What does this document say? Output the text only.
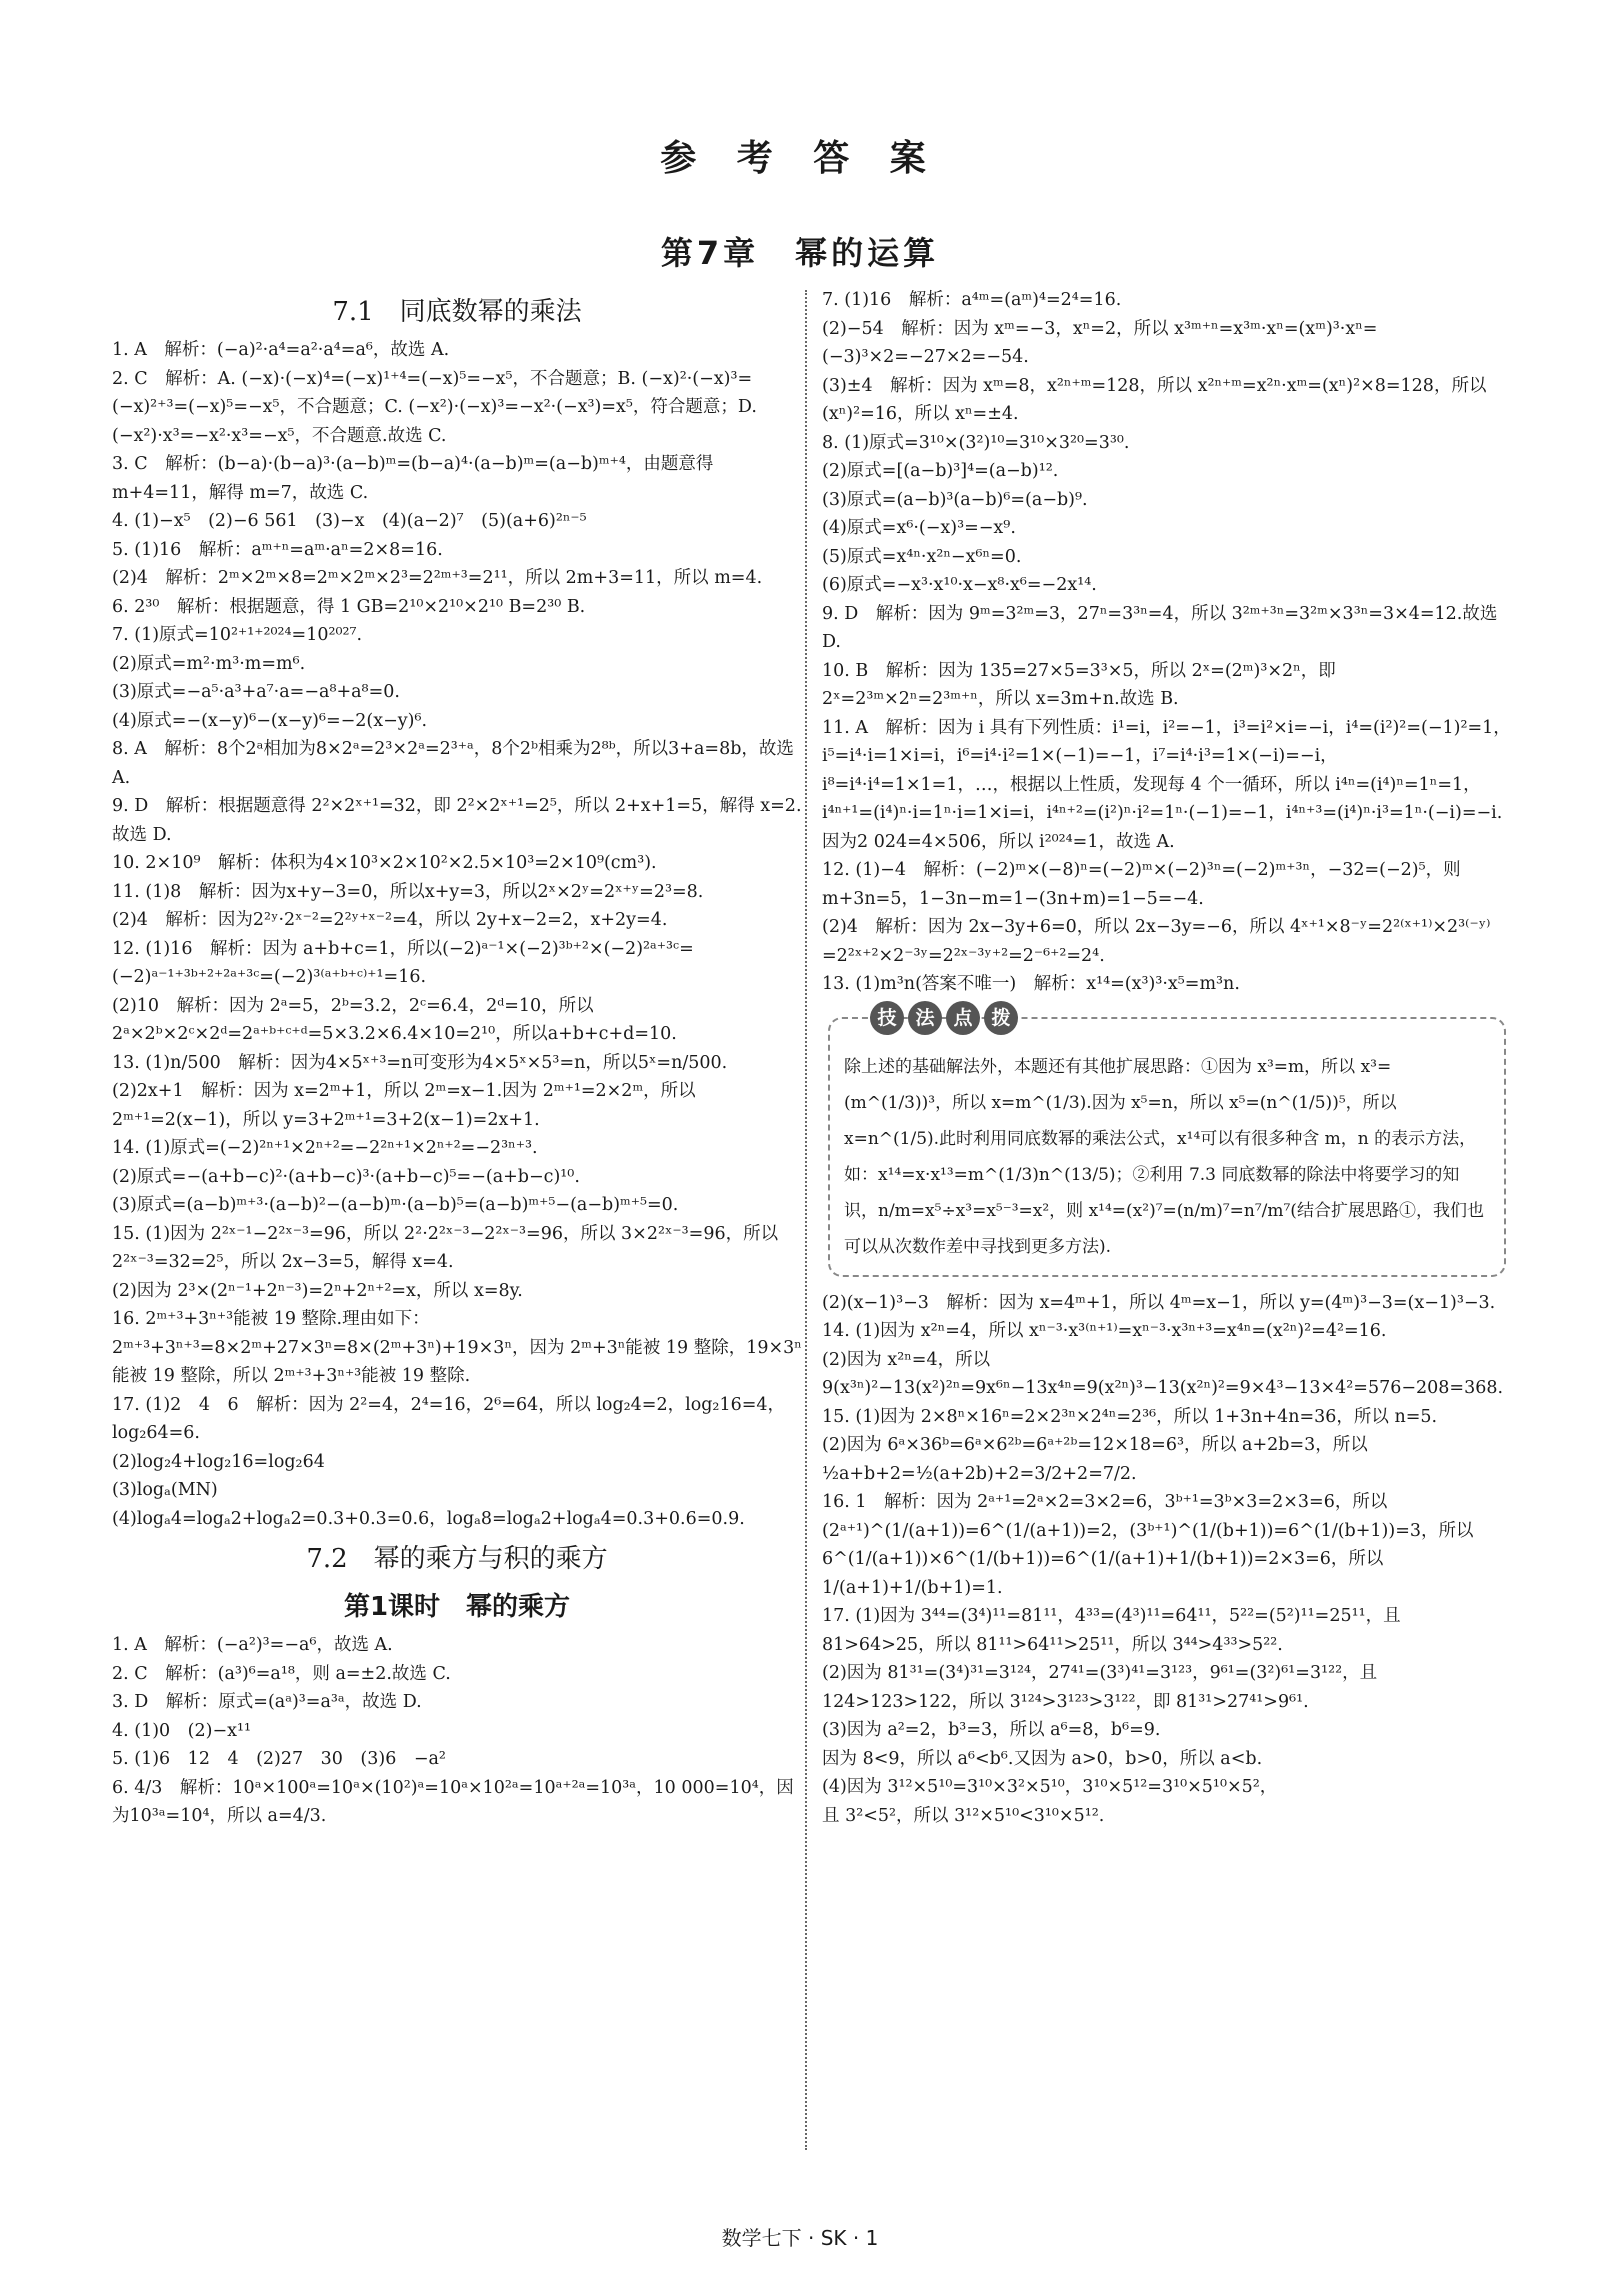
参 考 答 案
第7章　幂的运算
7.1　同底数幂的乘法

1. A　解析：(−a)²·a⁴=a²·a⁴=a⁶，故选 A.

2. C　解析：A. (−x)·(−x)⁴=(−x)¹⁺⁴=(−x)⁵=−x⁵，不合题意；B. (−x)²·(−x)³=(−x)²⁺³=(−x)⁵=−x⁵，不合题意；C. (−x²)·(−x)³=−x²·(−x³)=x⁵，符合题意；D. (−x²)·x³=−x²·x³=−x⁵，不合题意.故选 C.

3. C　解析：(b−a)·(b−a)³·(a−b)ᵐ=(b−a)⁴·(a−b)ᵐ=(a−b)ᵐ⁺⁴，由题意得 m+4=11，解得 m=7，故选 C.

4. (1)−x⁵　(2)−6 561　(3)−x　(4)(a−2)⁷　(5)(a+6)²ⁿ⁻⁵

5. (1)16　解析：aᵐ⁺ⁿ=aᵐ·aⁿ=2×8=16.

(2)4　解析：2ᵐ×2ᵐ×8=2ᵐ×2ᵐ×2³=2²ᵐ⁺³=2¹¹，所以 2m+3=11，所以 m=4.

6. 2³⁰　解析：根据题意，得 1 GB=2¹⁰×2¹⁰×2¹⁰ B=2³⁰ B.

7. (1)原式=10²⁺¹⁺²⁰²⁴=10²⁰²⁷.

(2)原式=m²·m³·m=m⁶.

(3)原式=−a⁵·a³+a⁷·a=−a⁸+a⁸=0.

(4)原式=−(x−y)⁶−(x−y)⁶=−2(x−y)⁶.

8. A　解析：8个2ᵃ相加为8×2ᵃ=2³×2ᵃ=2³⁺ᵃ，8个2ᵇ相乘为2⁸ᵇ，所以3+a=8b，故选 A.

9. D　解析：根据题意得 2²×2ˣ⁺¹=32，即 2²×2ˣ⁺¹=2⁵，所以 2+x+1=5，解得 x=2.故选 D.

10. 2×10⁹　解析：体积为4×10³×2×10²×2.5×10³=2×10⁹(cm³).

11. (1)8　解析：因为x+y−3=0，所以x+y=3，所以2ˣ×2ʸ=2ˣ⁺ʸ=2³=8.

(2)4　解析：因为2²ʸ·2ˣ⁻²=2²ʸ⁺ˣ⁻²=4，所以 2y+x−2=2，x+2y=4.

12. (1)16　解析：因为 a+b+c=1，所以(−2)ᵃ⁻¹×(−2)³ᵇ⁺²×(−2)²ᵃ⁺³ᶜ=(−2)ᵃ⁻¹⁺³ᵇ⁺²⁺²ᵃ⁺³ᶜ=(−2)³⁽ᵃ⁺ᵇ⁺ᶜ⁾⁺¹=16.

(2)10　解析：因为 2ᵃ=5，2ᵇ=3.2，2ᶜ=6.4，2ᵈ=10，所以 2ᵃ×2ᵇ×2ᶜ×2ᵈ=2ᵃ⁺ᵇ⁺ᶜ⁺ᵈ=5×3.2×6.4×10=2¹⁰，所以a+b+c+d=10.

13. (1)n/500　解析：因为4×5ˣ⁺³=n可变形为4×5ˣ×5³=n，所以5ˣ=n/500.

(2)2x+1　解析：因为 x=2ᵐ+1，所以 2ᵐ=x−1.因为 2ᵐ⁺¹=2×2ᵐ，所以 2ᵐ⁺¹=2(x−1)，所以 y=3+2ᵐ⁺¹=3+2(x−1)=2x+1.

14. (1)原式=(−2)²ⁿ⁺¹×2ⁿ⁺²=−2²ⁿ⁺¹×2ⁿ⁺²=−2³ⁿ⁺³.

(2)原式=−(a+b−c)²·(a+b−c)³·(a+b−c)⁵=−(a+b−c)¹⁰.

(3)原式=(a−b)ᵐ⁺³·(a−b)²−(a−b)ᵐ·(a−b)⁵=(a−b)ᵐ⁺⁵−(a−b)ᵐ⁺⁵=0.

15. (1)因为 2²ˣ⁻¹−2²ˣ⁻³=96，所以 2²·2²ˣ⁻³−2²ˣ⁻³=96，所以 3×2²ˣ⁻³=96，所以 2²ˣ⁻³=32=2⁵，所以 2x−3=5，解得 x=4.

(2)因为 2³×(2ⁿ⁻¹+2ⁿ⁻³)=2ⁿ+2ⁿ⁺²=x，所以 x=8y.

16. 2ᵐ⁺³+3ⁿ⁺³能被 19 整除.理由如下：2ᵐ⁺³+3ⁿ⁺³=8×2ᵐ+27×3ⁿ=8×(2ᵐ+3ⁿ)+19×3ⁿ，因为 2ᵐ+3ⁿ能被 19 整除，19×3ⁿ能被 19 整除，所以 2ᵐ⁺³+3ⁿ⁺³能被 19 整除.

17. (1)2　4　6　解析：因为 2²=4，2⁴=16，2⁶=64，所以 log₂4=2，log₂16=4，log₂64=6.

(2)log₂4+log₂16=log₂64

(3)logₐ(MN)

(4)logₐ4=logₐ2+logₐ2=0.3+0.3=0.6，logₐ8=logₐ2+logₐ4=0.3+0.6=0.9.

7.2　幂的乘方与积的乘方
第1课时　幂的乘方

1. A　解析：(−a²)³=−a⁶，故选 A.

2. C　解析：(a³)⁶=a¹⁸，则 a=±2.故选 C.

3. D　解析：原式=(aᵃ)³=a³ᵃ，故选 D.

4. (1)0　(2)−x¹¹

5. (1)6　12　4　(2)27　30　(3)6　−a²

6. 4/3　解析：10ᵃ×100ᵃ=10ᵃ×(10²)ᵃ=10ᵃ×10²ᵃ=10ᵃ⁺²ᵃ=10³ᵃ，10 000=10⁴，因为10³ᵃ=10⁴，所以 a=4/3.

7. (1)16　解析：a⁴ᵐ=(aᵐ)⁴=2⁴=16.

(2)−54　解析：因为 xᵐ=−3，xⁿ=2，所以 x³ᵐ⁺ⁿ=x³ᵐ·xⁿ=(xᵐ)³·xⁿ=(−3)³×2=−27×2=−54.

(3)±4　解析：因为 xᵐ=8，x²ⁿ⁺ᵐ=128，所以 x²ⁿ⁺ᵐ=x²ⁿ·xᵐ=(xⁿ)²×8=128，所以(xⁿ)²=16，所以 xⁿ=±4.

8. (1)原式=3¹⁰×(3²)¹⁰=3¹⁰×3²⁰=3³⁰.

(2)原式=[(a−b)³]⁴=(a−b)¹².

(3)原式=(a−b)³(a−b)⁶=(a−b)⁹.

(4)原式=x⁶·(−x)³=−x⁹.

(5)原式=x⁴ⁿ·x²ⁿ−x⁶ⁿ=0.

(6)原式=−x³·x¹⁰·x−x⁸·x⁶=−2x¹⁴.

9. D　解析：因为 9ᵐ=3²ᵐ=3，27ⁿ=3³ⁿ=4，所以 3²ᵐ⁺³ⁿ=3²ᵐ×3³ⁿ=3×4=12.故选 D.

10. B　解析：因为 135=27×5=3³×5，所以 2ˣ=(2ᵐ)³×2ⁿ，即 2ˣ=2³ᵐ×2ⁿ=2³ᵐ⁺ⁿ，所以 x=3m+n.故选 B.

11. A　解析：因为 i 具有下列性质：i¹=i，i²=−1，i³=i²×i=−i，i⁴=(i²)²=(−1)²=1，i⁵=i⁴·i=1×i=i，i⁶=i⁴·i²=1×(−1)=−1，i⁷=i⁴·i³=1×(−i)=−i，i⁸=i⁴·i⁴=1×1=1，…，根据以上性质，发现每 4 个一循环，所以 i⁴ⁿ=(i⁴)ⁿ=1ⁿ=1，i⁴ⁿ⁺¹=(i⁴)ⁿ·i=1ⁿ·i=1×i=i，i⁴ⁿ⁺²=(i²)ⁿ·i²=1ⁿ·(−1)=−1，i⁴ⁿ⁺³=(i⁴)ⁿ·i³=1ⁿ·(−i)=−i.因为2 024=4×506，所以 i²⁰²⁴=1，故选 A.

12. (1)−4　解析：(−2)ᵐ×(−8)ⁿ=(−2)ᵐ×(−2)³ⁿ=(−2)ᵐ⁺³ⁿ，−32=(−2)⁵，则 m+3n=5，1−3n−m=1−(3n+m)=1−5=−4.

(2)4　解析：因为 2x−3y+6=0，所以 2x−3y=−6，所以 4ˣ⁺¹×8⁻ʸ=2²⁽ˣ⁺¹⁾×2³⁽⁻ʸ⁾=2²ˣ⁺²×2⁻³ʸ=2²ˣ⁻³ʸ⁺²=2⁻⁶⁺²=2⁴.

13. (1)m³n(答案不唯一)　解析：x¹⁴=(x³)³·x⁵=m³n.

技 法 点 拨
除上述的基础解法外，本题还有其他扩展思路：①因为 x³=m，所以 x³=(m^(1/3))³，所以 x=m^(1/3).因为 x⁵=n，所以 x⁵=(n^(1/5))⁵，所以 x=n^(1/5).此时利用同底数幂的乘法公式，x¹⁴可以有很多种含 m，n 的表示方法，如：x¹⁴=x·x¹³=m^(1/3)n^(13/5)；②利用 7.3 同底数幂的除法中将要学习的知识，n/m=x⁵÷x³=x⁵⁻³=x²，则 x¹⁴=(x²)⁷=(n/m)⁷=n⁷/m⁷(结合扩展思路①，我们也可以从次数作差中寻找到更多方法).

(2)(x−1)³−3　解析：因为 x=4ᵐ+1，所以 4ᵐ=x−1，所以 y=(4ᵐ)³−3=(x−1)³−3.

14. (1)因为 x²ⁿ=4，所以 xⁿ⁻³·x³⁽ⁿ⁺¹⁾=xⁿ⁻³·x³ⁿ⁺³=x⁴ⁿ=(x²ⁿ)²=4²=16.

(2)因为 x²ⁿ=4，所以 9(x³ⁿ)²−13(x²)²ⁿ=9x⁶ⁿ−13x⁴ⁿ=9(x²ⁿ)³−13(x²ⁿ)²=9×4³−13×4²=576−208=368.

15. (1)因为 2×8ⁿ×16ⁿ=2×2³ⁿ×2⁴ⁿ=2³⁶，所以 1+3n+4n=36，所以 n=5.

(2)因为 6ᵃ×36ᵇ=6ᵃ×6²ᵇ=6ᵃ⁺²ᵇ=12×18=6³，所以 a+2b=3，所以 ½a+b+2=½(a+2b)+2=3/2+2=7/2.

16. 1　解析：因为 2ᵃ⁺¹=2ᵃ×2=3×2=6，3ᵇ⁺¹=3ᵇ×3=2×3=6，所以 (2ᵃ⁺¹)^(1/(a+1))=6^(1/(a+1))=2，(3ᵇ⁺¹)^(1/(b+1))=6^(1/(b+1))=3，所以 6^(1/(a+1))×6^(1/(b+1))=6^(1/(a+1)+1/(b+1))=2×3=6，所以 1/(a+1)+1/(b+1)=1.

17. (1)因为 3⁴⁴=(3⁴)¹¹=81¹¹，4³³=(4³)¹¹=64¹¹，5²²=(5²)¹¹=25¹¹，且 81>64>25，所以 81¹¹>64¹¹>25¹¹，所以 3⁴⁴>4³³>5²².

(2)因为 81³¹=(3⁴)³¹=3¹²⁴，27⁴¹=(3³)⁴¹=3¹²³，9⁶¹=(3²)⁶¹=3¹²²，且 124>123>122，所以 3¹²⁴>3¹²³>3¹²²，即 81³¹>27⁴¹>9⁶¹.

(3)因为 a²=2，b³=3，所以 a⁶=8，b⁶=9.

因为 8<9，所以 a⁶<b⁶.又因为 a>0，b>0，所以 a<b.

(4)因为 3¹²×5¹⁰=3¹⁰×3²×5¹⁰，3¹⁰×5¹²=3¹⁰×5¹⁰×5²，

且 3²<5²，所以 3¹²×5¹⁰<3¹⁰×5¹².

数学七下 · SK · 1
